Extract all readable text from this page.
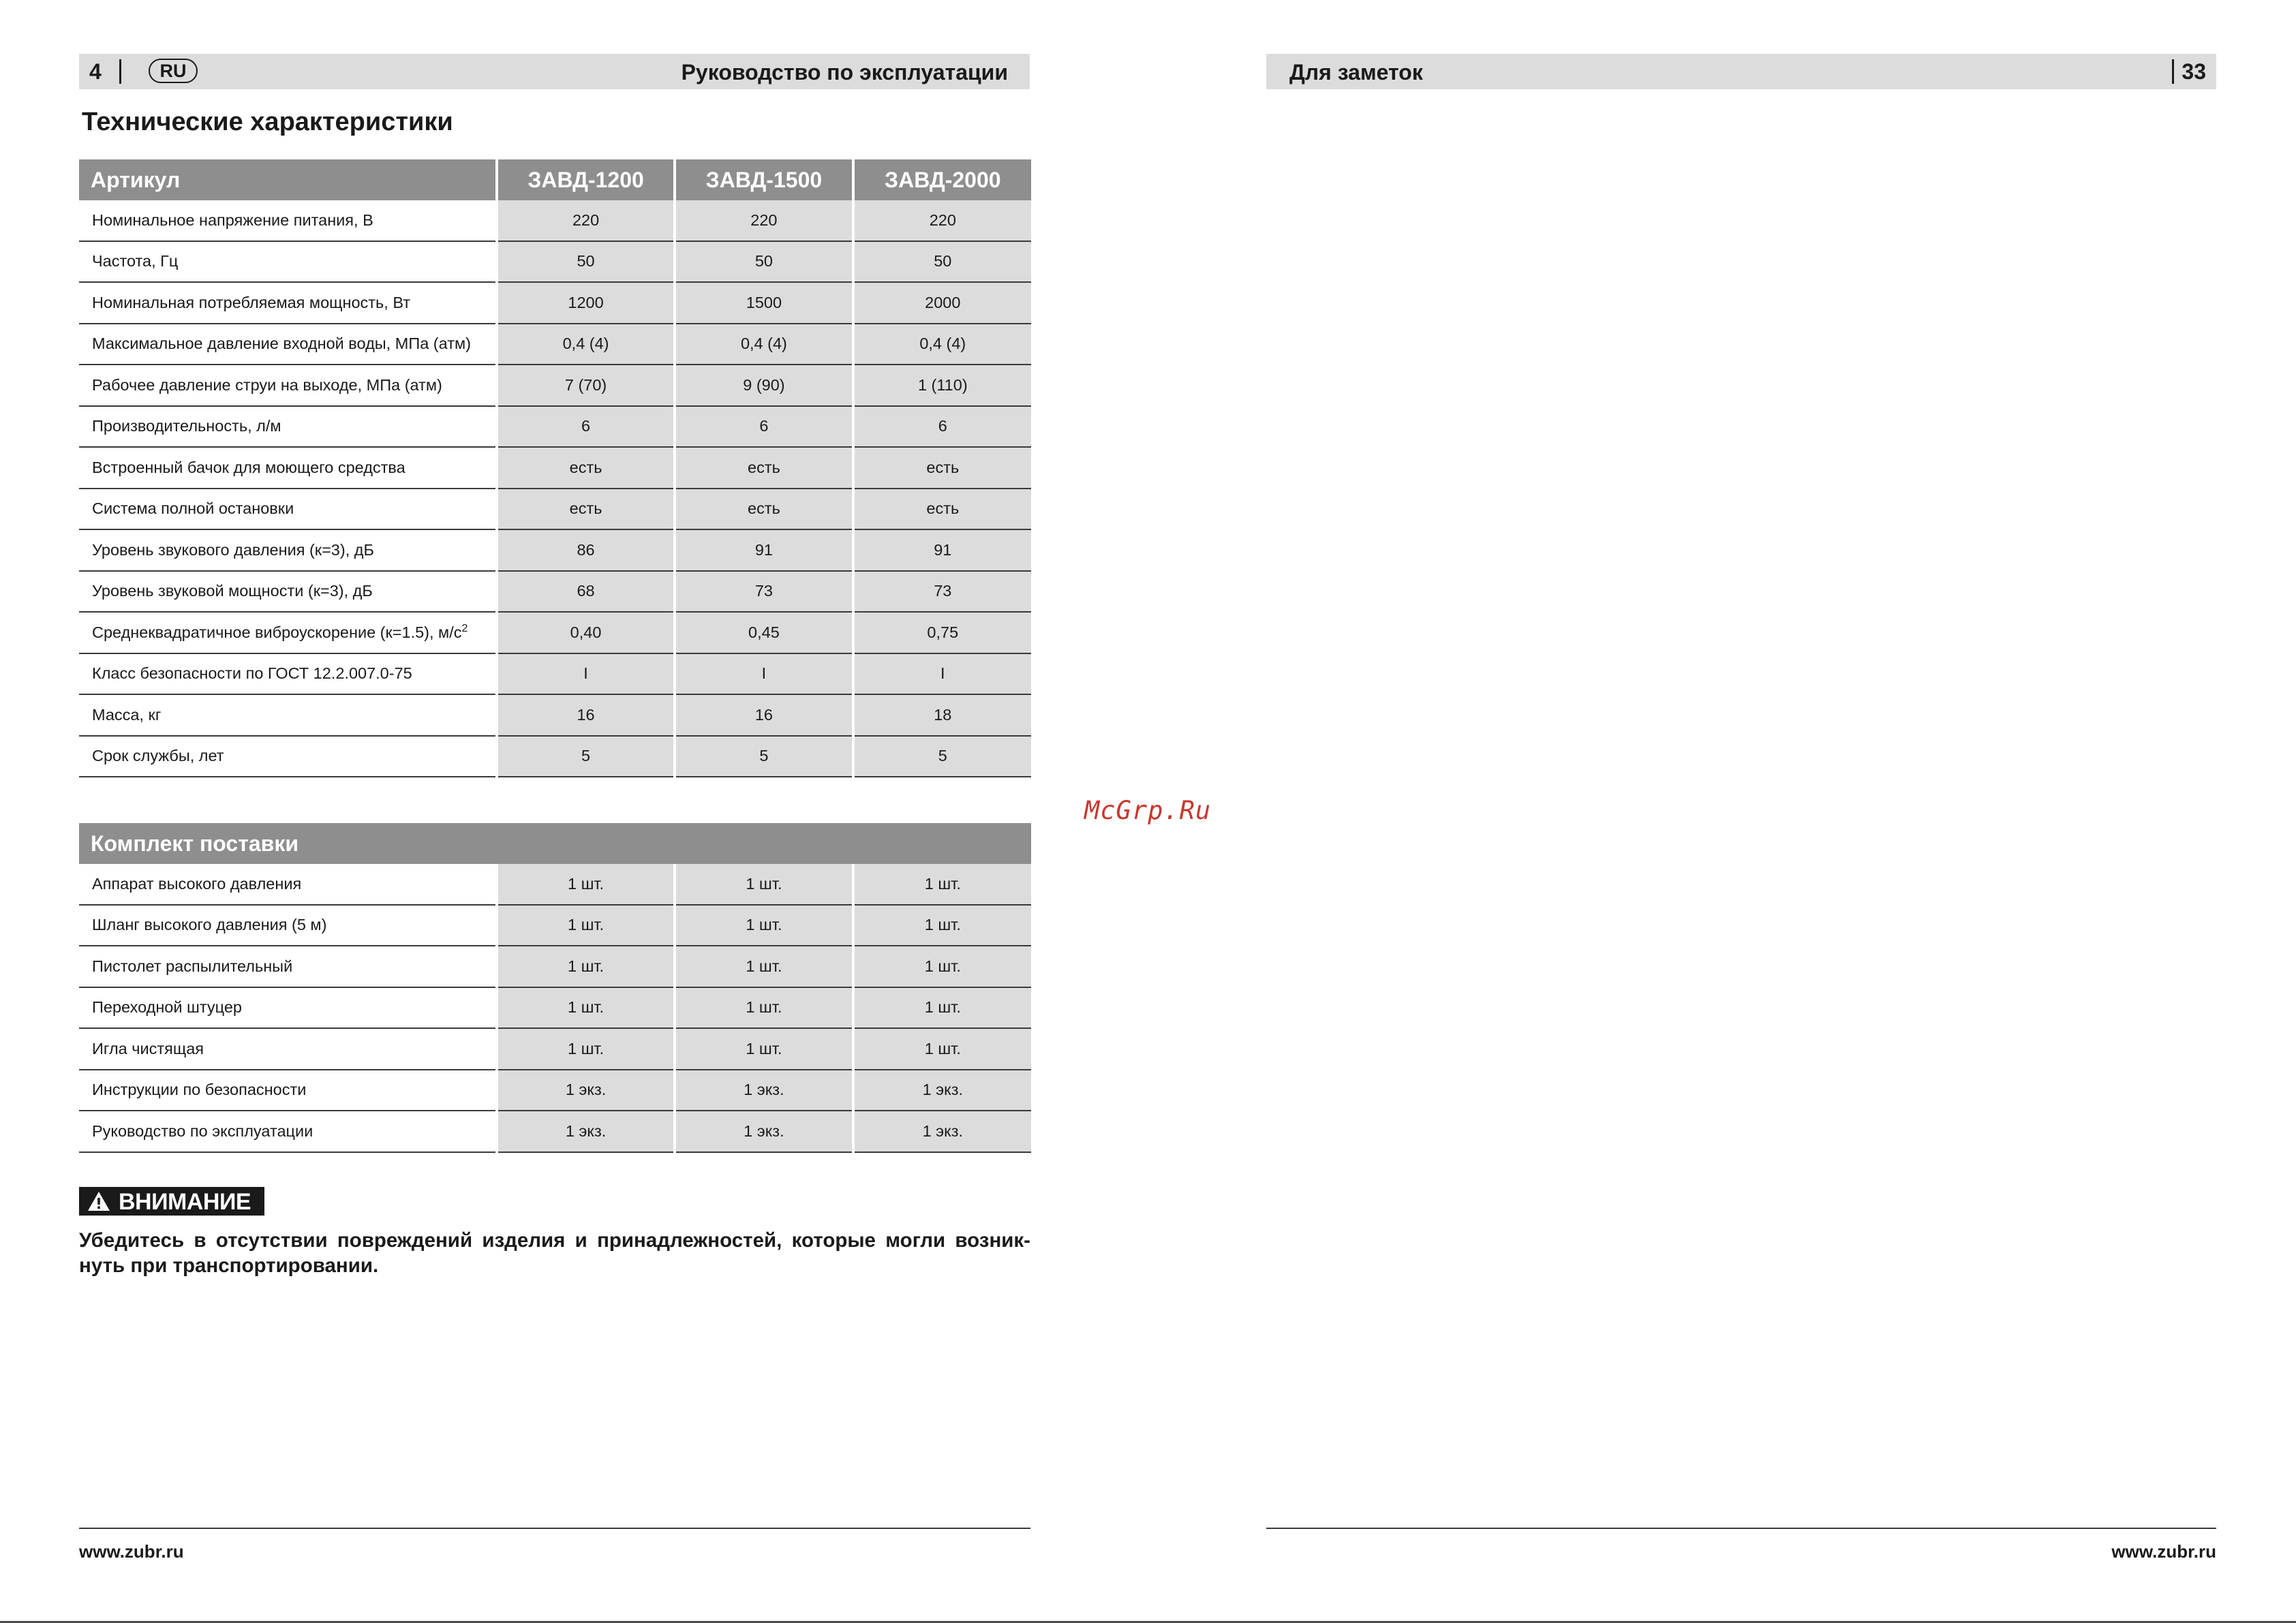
4	RU	Руководство по эксплуатации
Технические характеристики
Артикул	ЗАВД-1200	ЗАВД-1500	ЗАВД-2000
Номинальное напряжение питания, В	220	220	220
Частота, Гц	50	50	50
Номинальная потребляемая мощность, Вт	1200	1500	2000
Максимальное давление входной воды, МПа (атм)	0,4 (4)	0,4 (4)	0,4 (4)
Рабочее давление струи на выходе, МПа (атм)	7 (70)	9 (90)	1 (110)
Производительность, л/м	6	6	6
Встроенный бачок для моющего средства	есть	есть	есть
Система полной остановки	есть	есть	есть
Уровень звукового давления (к=3), дБ	86	91	91
Уровень звуковой мощности (к=3), дБ	68	73	73
Среднеквадратичное виброускорение (к=1.5), $м/с^2$	0,40	0,45	0,75
Класс безопасности по ГОСТ 12.2.007.0-75	I	I	I
Масса, кг	16	16	18
Срок службы, лет	5	5	5
Комплект поставки			
Аппарат высокого давления	1 шт.	1 шт.	1 шт.
Шланг высокого давления (5 м)	1 шт.	1 шт.	1 шт.
Пистолет распылительный	1 шт.	1 шт.	1 шт.
Переходной штуцер	1 шт.	1 шт.	1 шт.
Игла чистящая	1 шт.	1 шт.	1 шт.
Инструкции по безопасности	1 экз.	1 экз.	1 экз.
Руководство по эксплуатации	1 экз.	1 экз.	1 экз.
ВНИМАНИЕ
Убедитесь в отсутствии повреждений изделия и принадлежностей, которые могли возник-нуть при транспортировании.
www.zubr.ru
Для заметок	33
www.zubr.ru
McGrp.Ru
